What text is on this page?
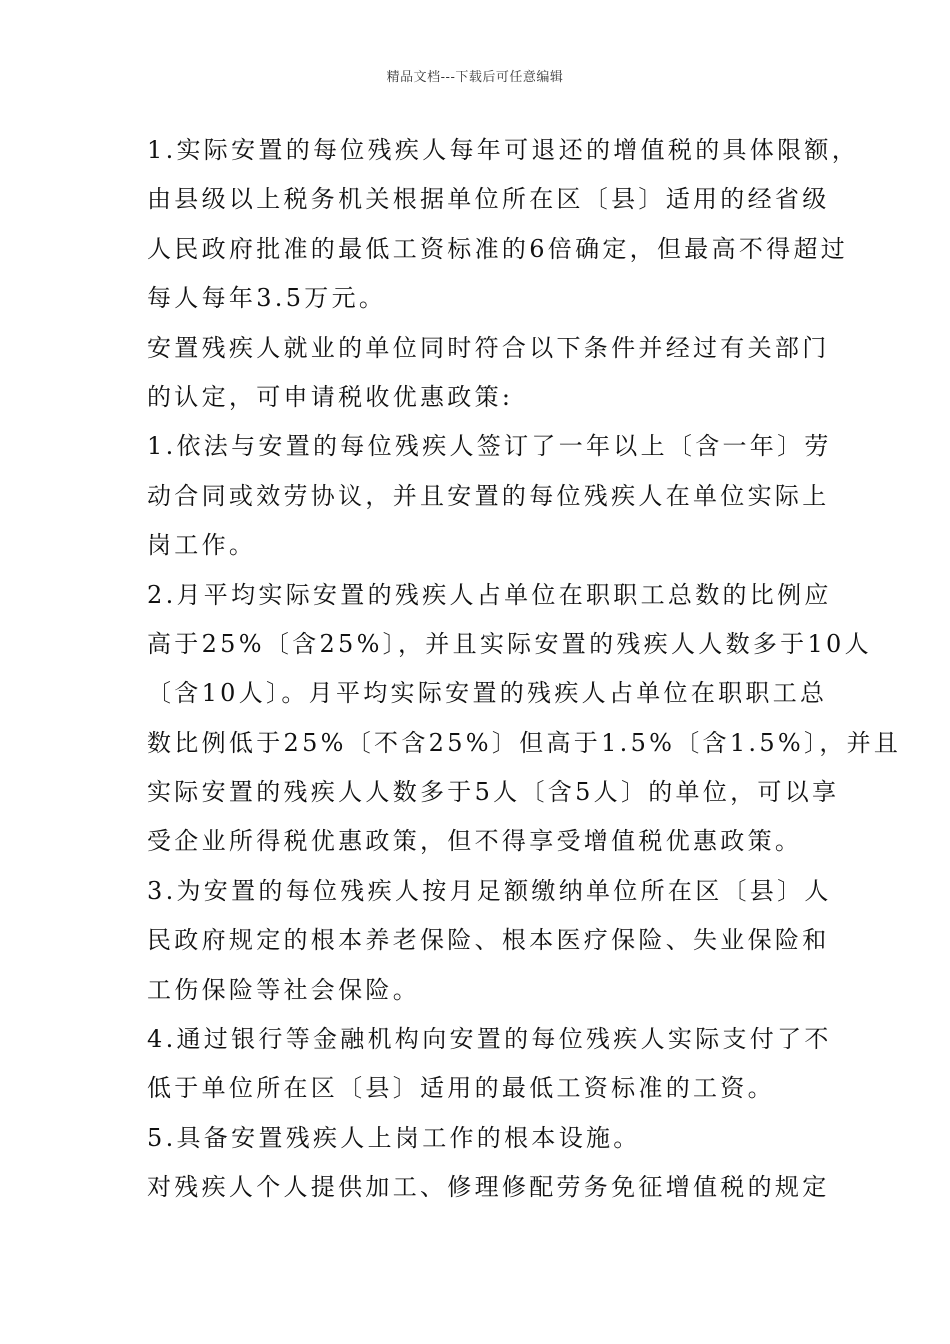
精品文档---下载后可任意编辑
1.实际安置的每位残疾人每年可退还的增值税的具体限额，
由县级以上税务机关根据单位所在区〔县〕适用的经省级
人民政府批准的最低工资标准的6倍确定，但最高不得超过
每人每年3.5万元。
安置残疾人就业的单位同时符合以下条件并经过有关部门
的认定，可申请税收优惠政策:
1.依法与安置的每位残疾人签订了一年以上〔含一年〕劳
动合同或效劳协议，并且安置的每位残疾人在单位实际上
岗工作。
2.月平均实际安置的残疾人占单位在职职工总数的比例应
高于25%〔含25%〕，并且实际安置的残疾人人数多于10人
〔含10人〕。月平均实际安置的残疾人占单位在职职工总
数比例低于25%〔不含25%〕但高于1.5%〔含1.5%〕，并且
实际安置的残疾人人数多于5人〔含5人〕的单位，可以享
受企业所得税优惠政策，但不得享受增值税优惠政策。
3.为安置的每位残疾人按月足额缴纳单位所在区〔县〕人
民政府规定的根本养老保险、根本医疗保险、失业保险和
工伤保险等社会保险。
4.通过银行等金融机构向安置的每位残疾人实际支付了不
低于单位所在区〔县〕适用的最低工资标准的工资。
5.具备安置残疾人上岗工作的根本设施。
对残疾人个人提供加工、修理修配劳务免征增值税的规定
